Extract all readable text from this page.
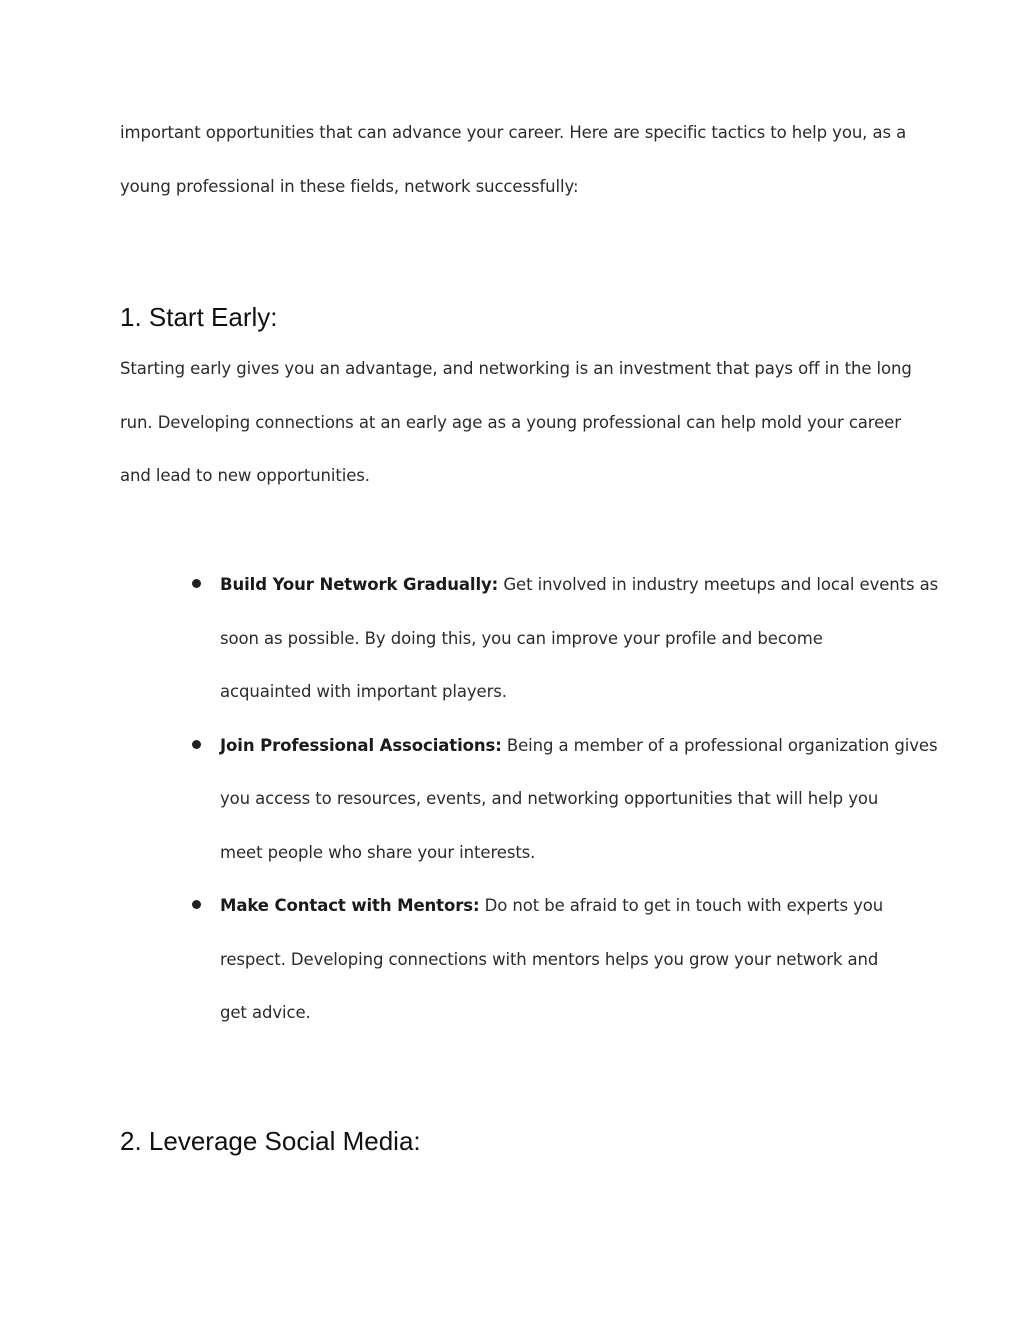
important opportunities that can advance your career. Here are specific tactics to help you, as a
young professional in these fields, network successfully:

1. Start Early:

Starting early gives you an advantage, and networking is an investment that pays off in the long
run. Developing connections at an early age as a young professional can help mold your career
and lead to new opportunities.

Build Your Network Gradually: Get involved in industry meetups and local events as
soon as possible. By doing this, you can improve your profile and become
acquainted with important players.
Join Professional Associations: Being a member of a professional organization gives
you access to resources, events, and networking opportunities that will help you
meet people who share your interests.
Make Contact with Mentors: Do not be afraid to get in touch with experts you
respect. Developing connections with mentors helps you grow your network and
get advice.
2. Leverage Social Media:
